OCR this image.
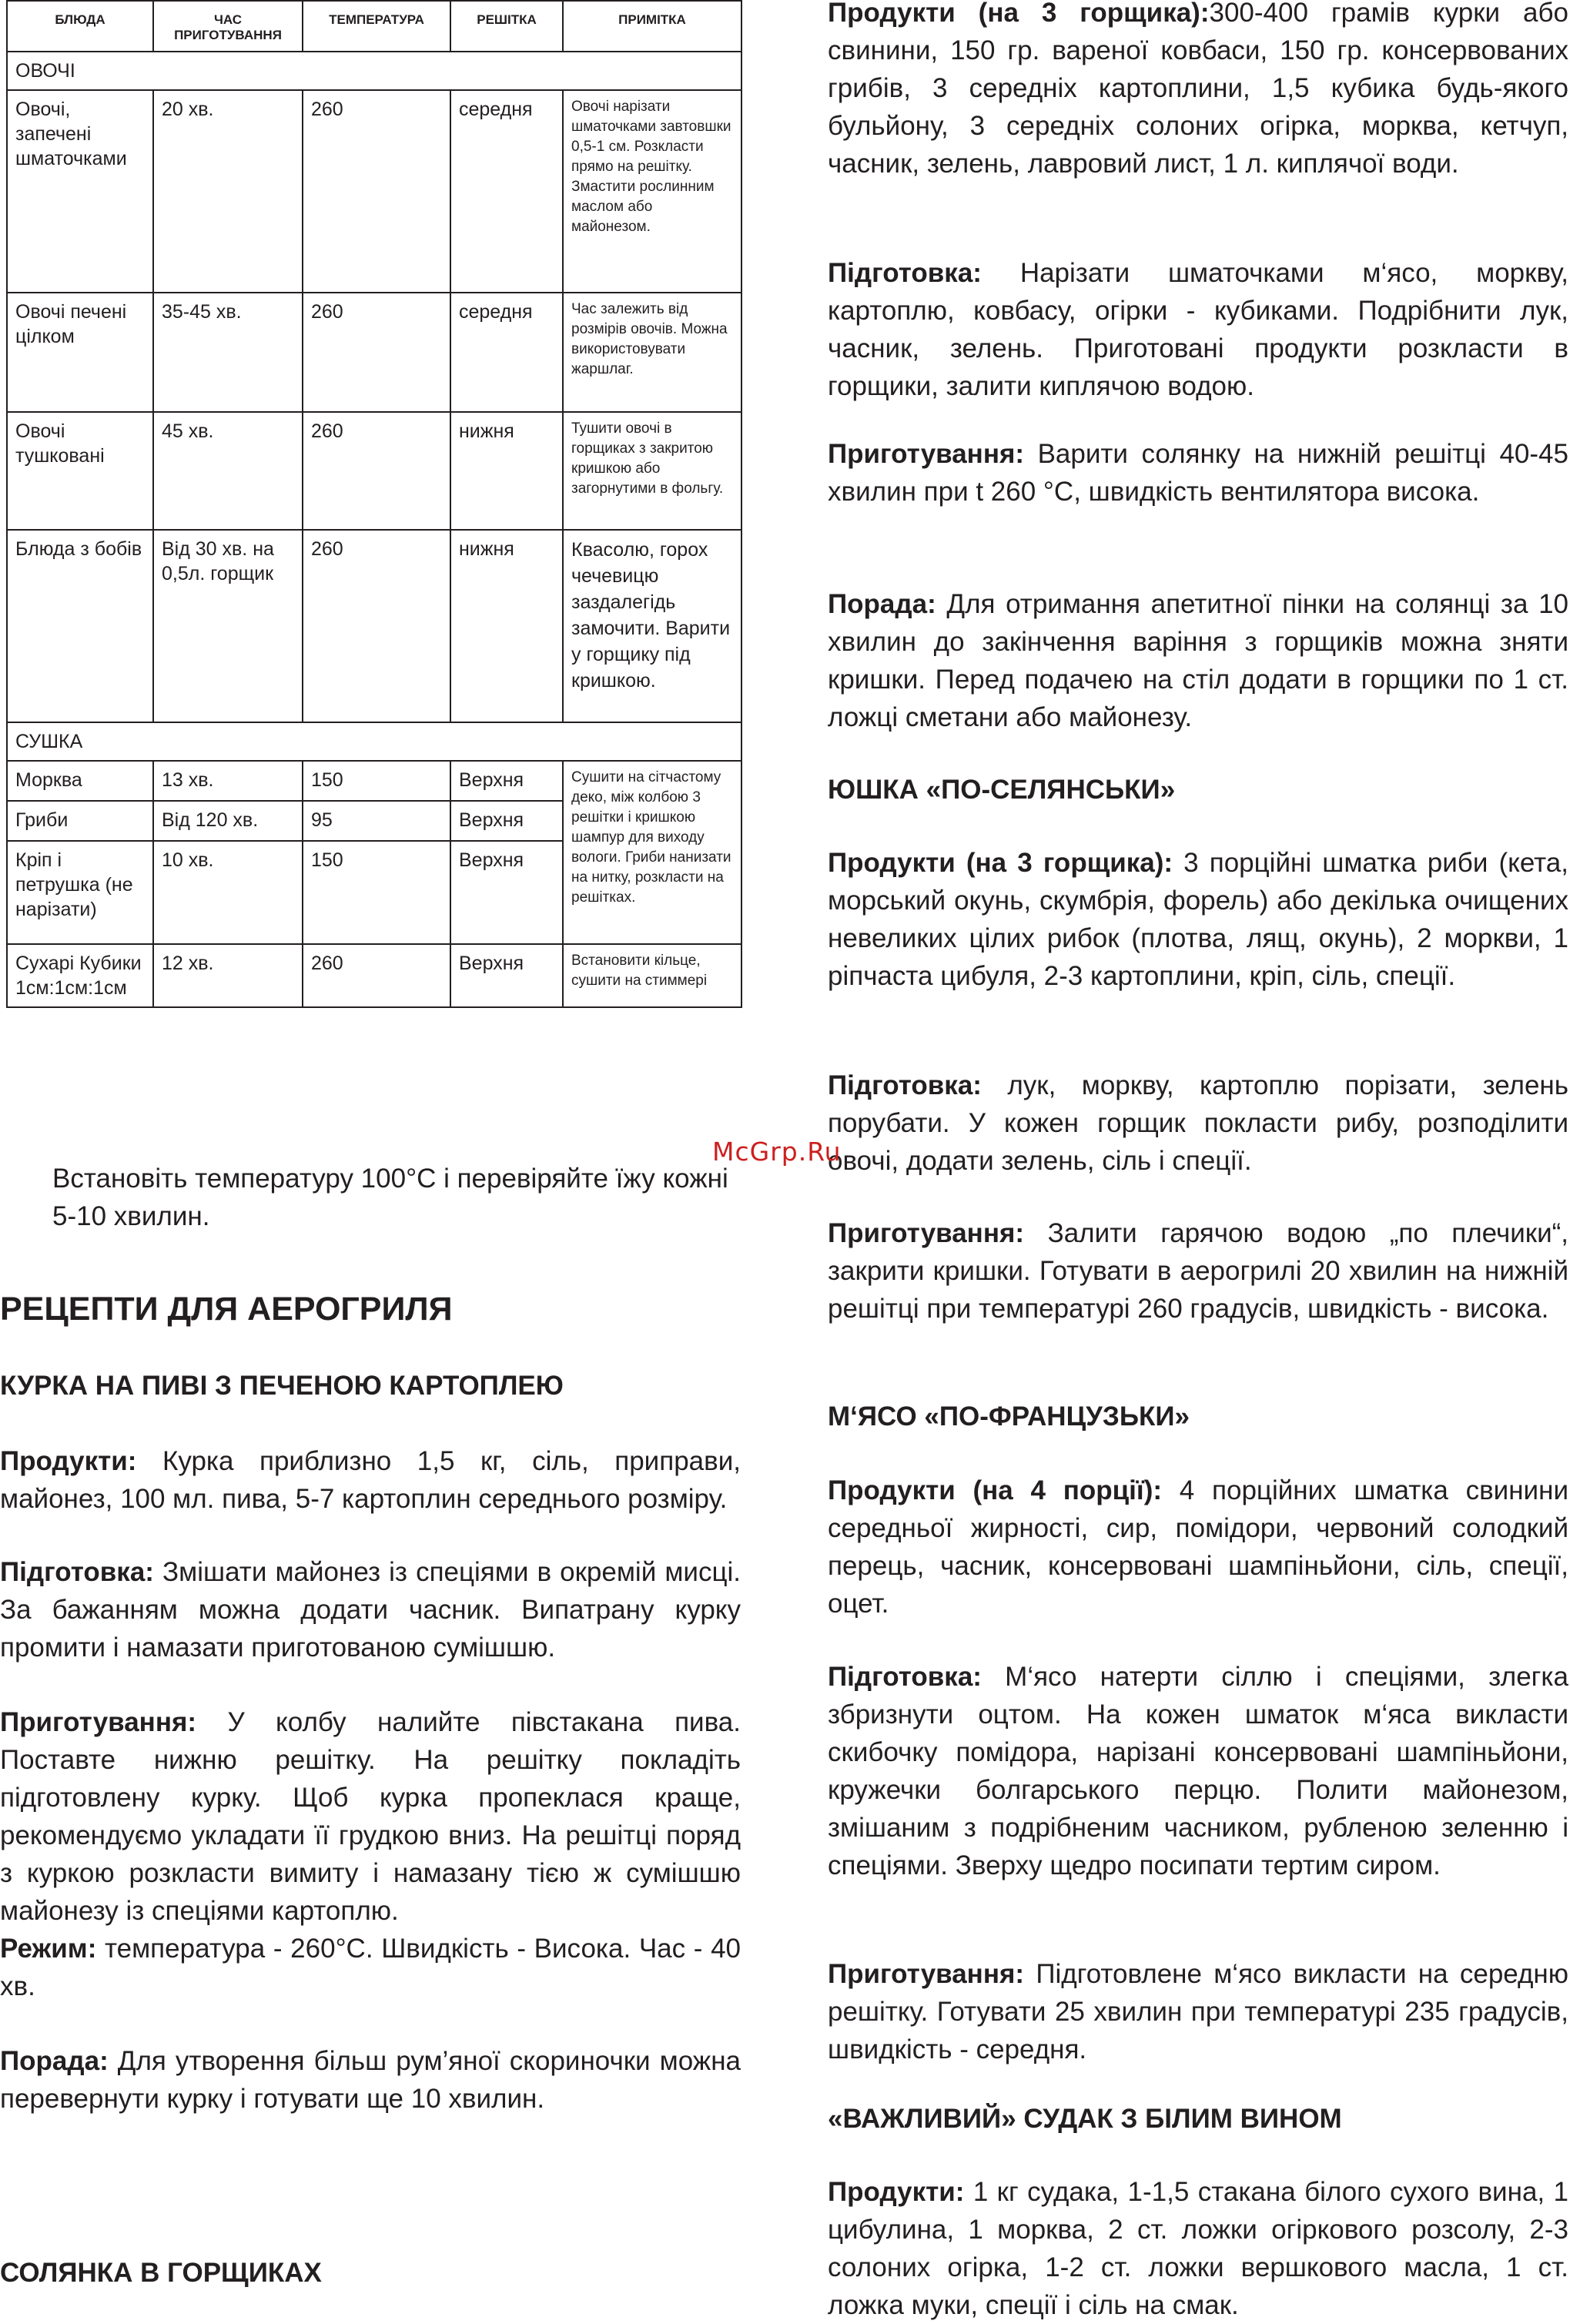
БЛЮДА	ЧАС ПРИГОТУВАННЯ	ТЕМПЕРАТУРА	РЕШІТКА	ПРИМІТКА
ОВОЧІ				
Овочі, запечені шматочками	20 хв.	260	середня	Овочі нарізати шматочками завтовшки 0,5-1 см. Розкласти прямо на решітку. Змастити рослинним маслом або майонезом.
Овочі печені цілком	35-45 хв.	260	середня	Час залежить від розмірів овочів. Можна використовувати жаршлаг.
Овочі тушковані	45 хв.	260	нижня	Тушити овочі в горщиках з закритою кришкою або загорнутими в фольгу.
Блюда з бобів	Від 30 хв. на 0,5л. горщик	260	нижня	Квасолю, горох чечевицю заздалегідь замочити. Варити у горщику під кришкою.
СУШКА				
Морква	13 хв.	150	Верхня	Сушити на сітчастому деко, між колбою 3 решітки і кришкою шампур для виходу вологи. Гриби нанизати на нитку, розкласти на решітках.
Гриби	Від 120 хв.	95	Верхня	
Кріп і петрушка (не нарізати)	10 хв.	150	Верхня	
Сухарі Кубики 1см:1см:1см	12 хв.	260	Верхня	Встановити кільце, сушити на стиммері

Встановіть температуру 100°С і перевіряйте їжу кожні 5-10 хвилин.

РЕЦЕПТИ ДЛЯ АЕРОГРИЛЯ
КУРКА НА ПИВІ З ПЕЧЕНОЮ КАРТОПЛЕЮ

Продукти: Курка приблизно 1,5 кг, сіль, приправи, майонез, 100 мл. пива, 5-7 картоплин середнього розміру.

Підготовка: Змішати майонез із спеціями в окремій мисці. За бажанням можна додати часник. Випатрану курку промити і намазати приготованою сумішшю.

Приготування: У колбу налийте півстакана пива. Поставте нижню решітку. На решітку покладіть підготовлену курку. Щоб курка пропеклася краще, рекомендуємо укладати її грудкою вниз. На решітці поряд з куркою розкласти вимиту і намазану тією ж сумішшю майонезу із спеціями картоплю.

Режим: температура - 260°С. Швидкість - Висока. Час - 40 хв.

Порада: Для утворення більш рум’яної скориночки можна перевернути курку і готувати ще 10 хвилин.

СОЛЯНКА В ГОРЩИКАХ

Продукти (на 3 горщика):300-400 грамів курки або свинини, 150 гр. вареної ковбаси, 150 гр. консервованих грибів, 3 середніх картоплини, 1,5 кубика будь-якого бульйону, 3 середніх солоних огірка, морква, кетчуп, часник, зелень, лавровий лист, 1 л. киплячої води.

Підготовка: Нарізати шматочками м‘ясо, моркву, картоплю, ковбасу, огірки - кубиками. Подрібнити лук, часник, зелень. Приготовані продукти розкласти в горщики, залити киплячою водою.

Приготування: Варити солянку на нижній решітці 40-45 хвилин при t 260 °С, швидкість вентилятора висока.

Порада: Для отримання апетитної пінки на солянці за 10 хвилин до закінчення варіння з горщиків можна зняти кришки. Перед подачею на стіл додати в горщики по 1 ст. ложці сметани або майонезу.

ЮШКА «ПО-СЕЛЯНСЬКИ»

Продукти (на 3 горщика): 3 порційні шматка риби (кета, морський окунь, скумбрія, форель) або декілька очищених невеликих цілих рибок (плотва, лящ, окунь), 2 моркви, 1 ріпчаста цибуля, 2-3 картоплини, кріп, сіль, спеції.

Підготовка: лук, моркву, картоплю порізати, зелень порубати. У кожен горщик покласти рибу, розподілити овочі, додати зелень, сіль і спеції.

Приготування: Залити гарячою водою „по плечики“, закрити кришки. Готувати в аерогрилі 20 хвилин на нижній решітці при температурі 260 градусів, швидкість - висока.

М‘ЯСО «ПО-ФРАНЦУЗЬКИ»

Продукти (на 4 порції): 4 порційних шматка свинини середньої жирності, сир, помідори, червоний солодкий перець, часник, консервовані шампіньйони, сіль, спеції, оцет.

Підготовка: М‘ясо натерти сіллю і спеціями, злегка збризнути оцтом. На кожен шматок м‘яса викласти скибочку помідора, нарізані консервовані шампіньйони, кружечки болгарського перцю. Полити майонезом, змішаним з подрібненим часником, рубленою зеленню і спеціями. Зверху щедро посипати тертим сиром.

Приготування: Підготовлене м‘ясо викласти на середню решітку. Готувати 25 хвилин при температурі 235 градусів, швидкість - середня.

«ВАЖЛИВИЙ» СУДАК З БІЛИМ ВИНОМ

Продукти: 1 кг судака, 1-1,5 стакана білого сухого вина, 1 цибулина, 1 морква, 2 ст. ложки огіркового розсолу, 2-3 солоних огірка, 1-2 ст. ложки вершкового масла, 1 ст. ложка муки, спеції і сіль на смак.

McGrp.Ru
